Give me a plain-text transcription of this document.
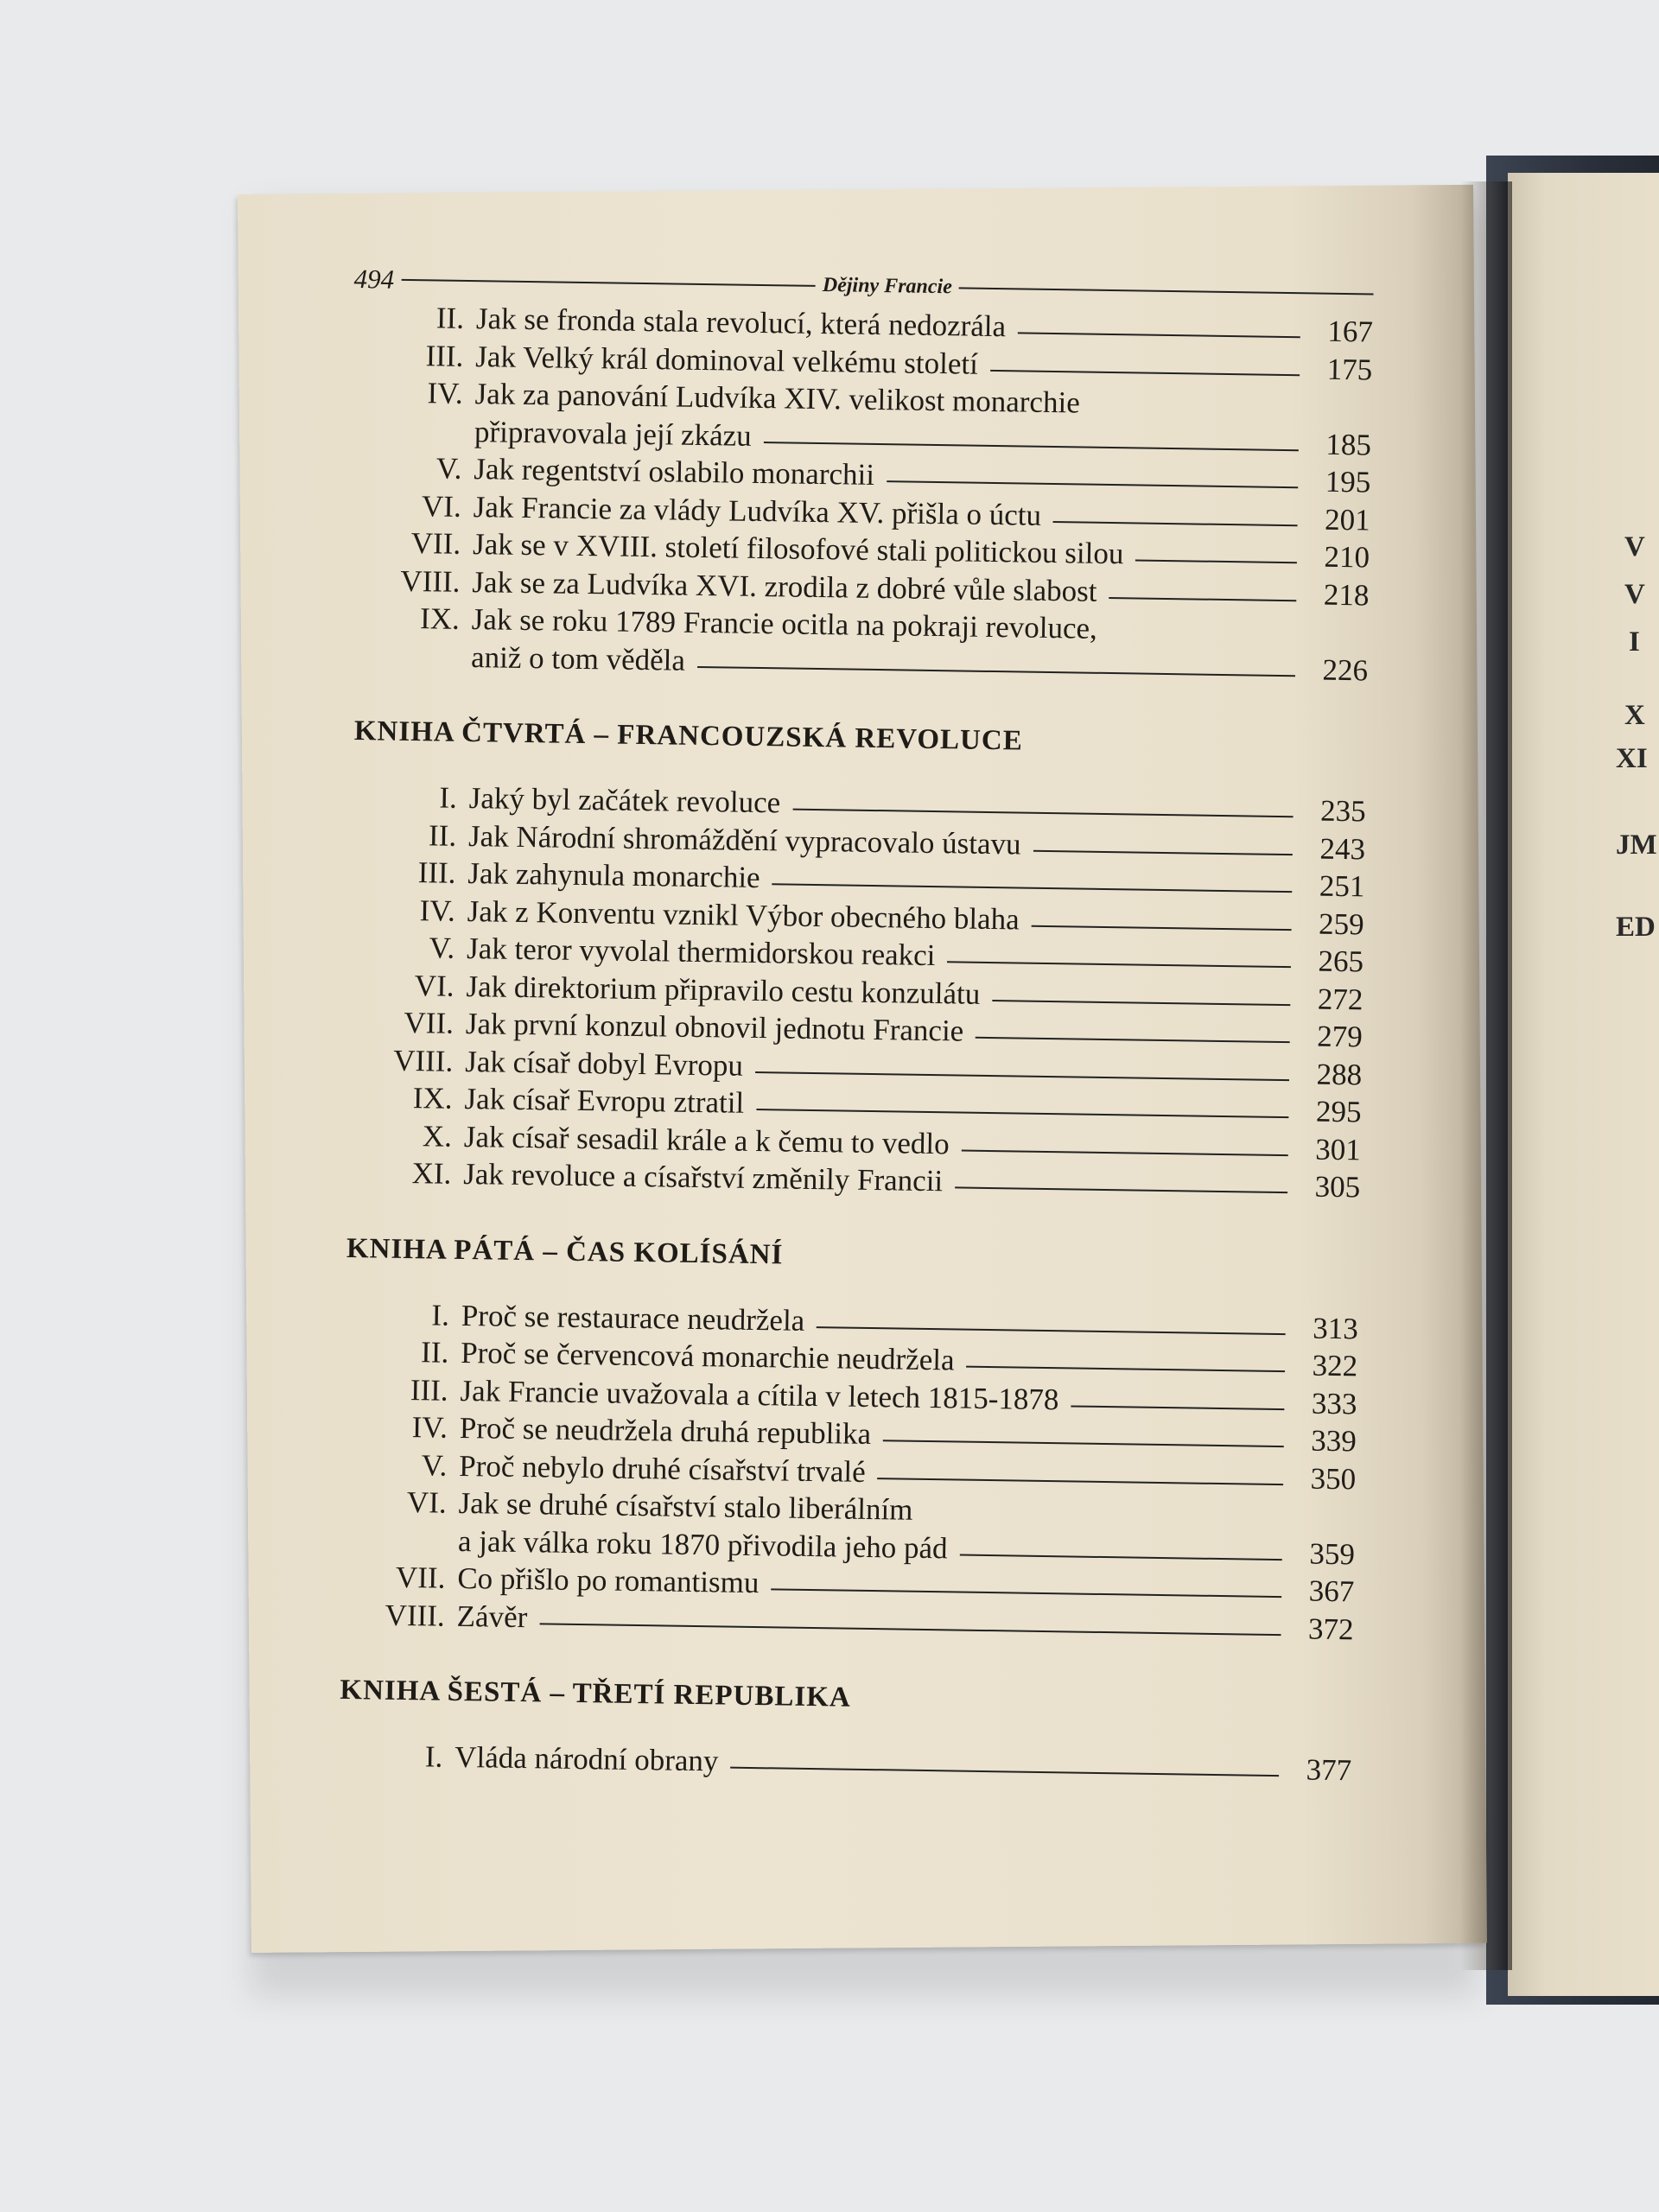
V
V
I
X
XI
JM
ED
494	Dějiny Francie
II. Jak se fronda stala revolucí, která nedozrála	167
III. Jak Velký král dominoval velkému století	175
IV. Jak za panování Ludvíka XIV. velikost monarchie
připravovala její zkázu	185
V. Jak regentství oslabilo monarchii	195
VI. Jak Francie za vlády Ludvíka XV. přišla o úctu	201
VII. Jak se v XVIII. století filosofové stali politickou silou	210
VIII. Jak se za Ludvíka XVI. zrodila z dobré vůle slabost	218
IX. Jak se roku 1789 Francie ocitla na pokraji revoluce,
aniž o tom věděla	226
KNIHA ČTVRTÁ – FRANCOUZSKÁ REVOLUCE
I. Jaký byl začátek revoluce	235
II. Jak Národní shromáždění vypracovalo ústavu	243
III. Jak zahynula monarchie	251
IV. Jak z Konventu vznikl Výbor obecného blaha	259
V. Jak teror vyvolal thermidorskou reakci	265
VI. Jak direktorium připravilo cestu konzulátu	272
VII. Jak první konzul obnovil jednotu Francie	279
VIII. Jak císař dobyl Evropu	288
IX. Jak císař Evropu ztratil	295
X. Jak císař sesadil krále a k čemu to vedlo	301
XI. Jak revoluce a císařství změnily Francii	305
KNIHA PÁTÁ – ČAS KOLÍSÁNÍ
I. Proč se restaurace neudržela	313
II. Proč se červencová monarchie neudržela	322
III. Jak Francie uvažovala a cítila v letech 1815-1878	333
IV. Proč se neudržela druhá republika	339
V. Proč nebylo druhé císařství trvalé	350
VI. Jak se druhé císařství stalo liberálním
a jak válka roku 1870 přivodila jeho pád	359
VII. Co přišlo po romantismu	367
VIII. Závěr	372
KNIHA ŠESTÁ – TŘETÍ REPUBLIKA
I. Vláda národní obrany	377
